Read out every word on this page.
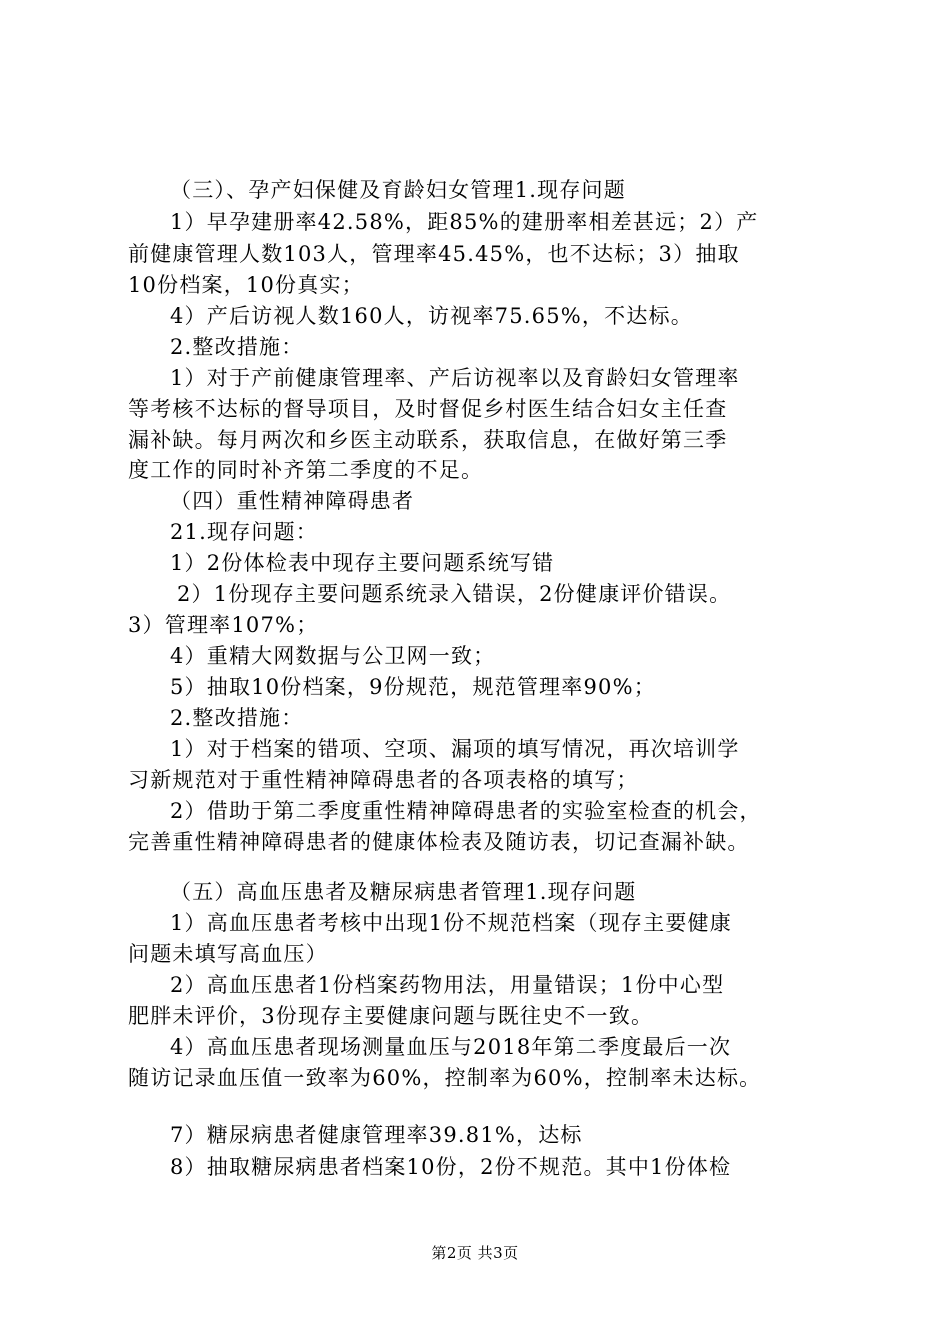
（三）、孕产妇保健及育龄妇女管理1.现存问题
1）早孕建册率42.58%，距85%的建册率相差甚远；2）产
前健康管理人数103人，管理率45.45%，也不达标；3）抽取
10份档案，10份真实；
4）产后访视人数160人，访视率75.65%，不达标。
2.整改措施：
1）对于产前健康管理率、产后访视率以及育龄妇女管理率
等考核不达标的督导项目，及时督促乡村医生结合妇女主任查
漏补缺。每月两次和乡医主动联系，获取信息，在做好第三季
度工作的同时补齐第二季度的不足。
（四）重性精神障碍患者
21.现存问题：
1）2份体检表中现存主要问题系统写错
2）1份现存主要问题系统录入错误，2份健康评价错误。
3）管理率107%；
4）重精大网数据与公卫网一致；
5）抽取10份档案，9份规范，规范管理率90%；
2.整改措施：
1）对于档案的错项、空项、漏项的填写情况，再次培训学
习新规范对于重性精神障碍患者的各项表格的填写；
2）借助于第二季度重性精神障碍患者的实验室检查的机会，
完善重性精神障碍患者的健康体检表及随访表，切记查漏补缺。
（五）高血压患者及糖尿病患者管理1.现存问题
1）高血压患者考核中出现1份不规范档案（现存主要健康
问题未填写高血压）
2）高血压患者1份档案药物用法，用量错误；1份中心型
肥胖未评价，3份现存主要健康问题与既往史不一致。
4）高血压患者现场测量血压与2018年第二季度最后一次
随访记录血压值一致率为60%，控制率为60%，控制率未达标。
7）糖尿病患者健康管理率39.81%，达标
8）抽取糖尿病患者档案10份，2份不规范。其中1份体检
第2页 共3页
